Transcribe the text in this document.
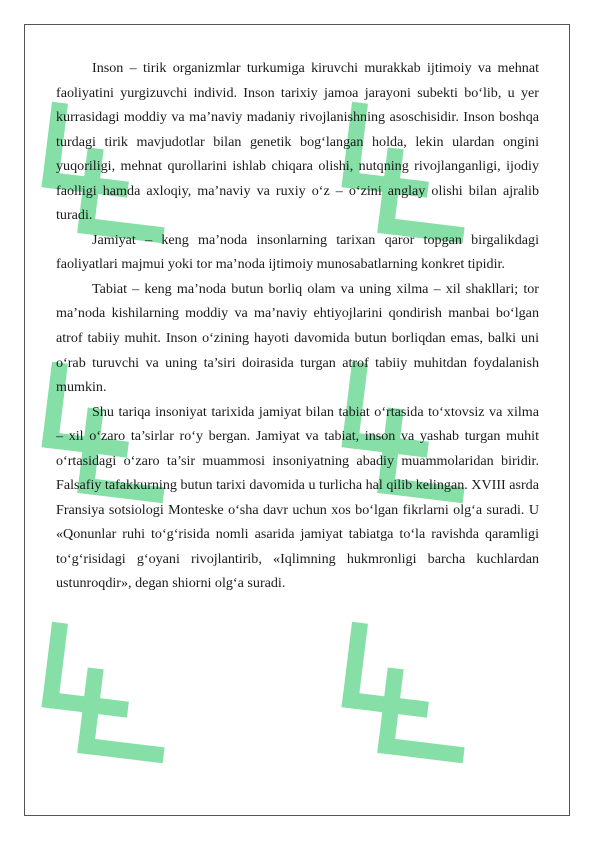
Inson – tirik organizmlar turkumiga kiruvchi murakkab ijtimoiy va mehnat faoliyatini yurgizuvchi individ. Inson tarixiy jamoa jarayoni subekti bo‘lib, u yer kurrasidagi moddiy va ma’naviy madaniy rivojlanishning asoschisidir. Inson boshqa turdagi tirik mavjudotlar bilan genetik bog‘langan holda, lekin ulardan ongini yuqoriligi, mehnat qurollarini ishlab chiqara olishi, nutqning rivojlanganligi, ijodiy faolligi hamda axloqiy, ma’naviy va ruxiy o‘z – o‘zini anglay olishi bilan ajralib turadi.

Jamiyat – keng ma’noda insonlarning tarixan qaror topgan birgalikdagi faoliyatlari majmui yoki tor ma’noda ijtimoiy munosabatlarning konkret tipidir.

Tabiat – keng ma’noda butun borliq olam va uning xilma – xil shakllari; tor ma’noda kishilarning moddiy va ma’naviy ehtiyojlarini qondirish manbai bo‘lgan atrof tabiiy muhit. Inson o‘zining hayoti davomida butun borliqdan emas, balki uni o‘rab turuvchi va uning ta’siri doirasida turgan atrof tabiiy muhitdan foydalanish mumkin.

Shu tariqa insoniyat tarixida jamiyat bilan tabiat o‘rtasida to‘xtovsiz va xilma – xil o‘zaro ta’sirlar ro‘y bergan. Jamiyat va tabiat, inson va yashab turgan muhit o‘rtasidagi o‘zaro ta’sir muammosi insoniyatning abadiy muammolaridan biridir. Falsafiy tafakkurning butun tarixi davomida u turlicha hal qilib kelingan. XVIII asrda Fransiya sotsiologi Monteske o‘sha davr uchun xos bo‘lgan fikrlarni olg‘a suradi. U «Qonunlar ruhi to‘g‘risida nomli asarida jamiyat tabiatga to‘la ravishda qaramligi to‘g‘risidagi g‘oyani rivojlantirib, «Iqlimning hukmronligi barcha kuchlardan ustunroqdir», degan shiorni olg‘a suradi.
